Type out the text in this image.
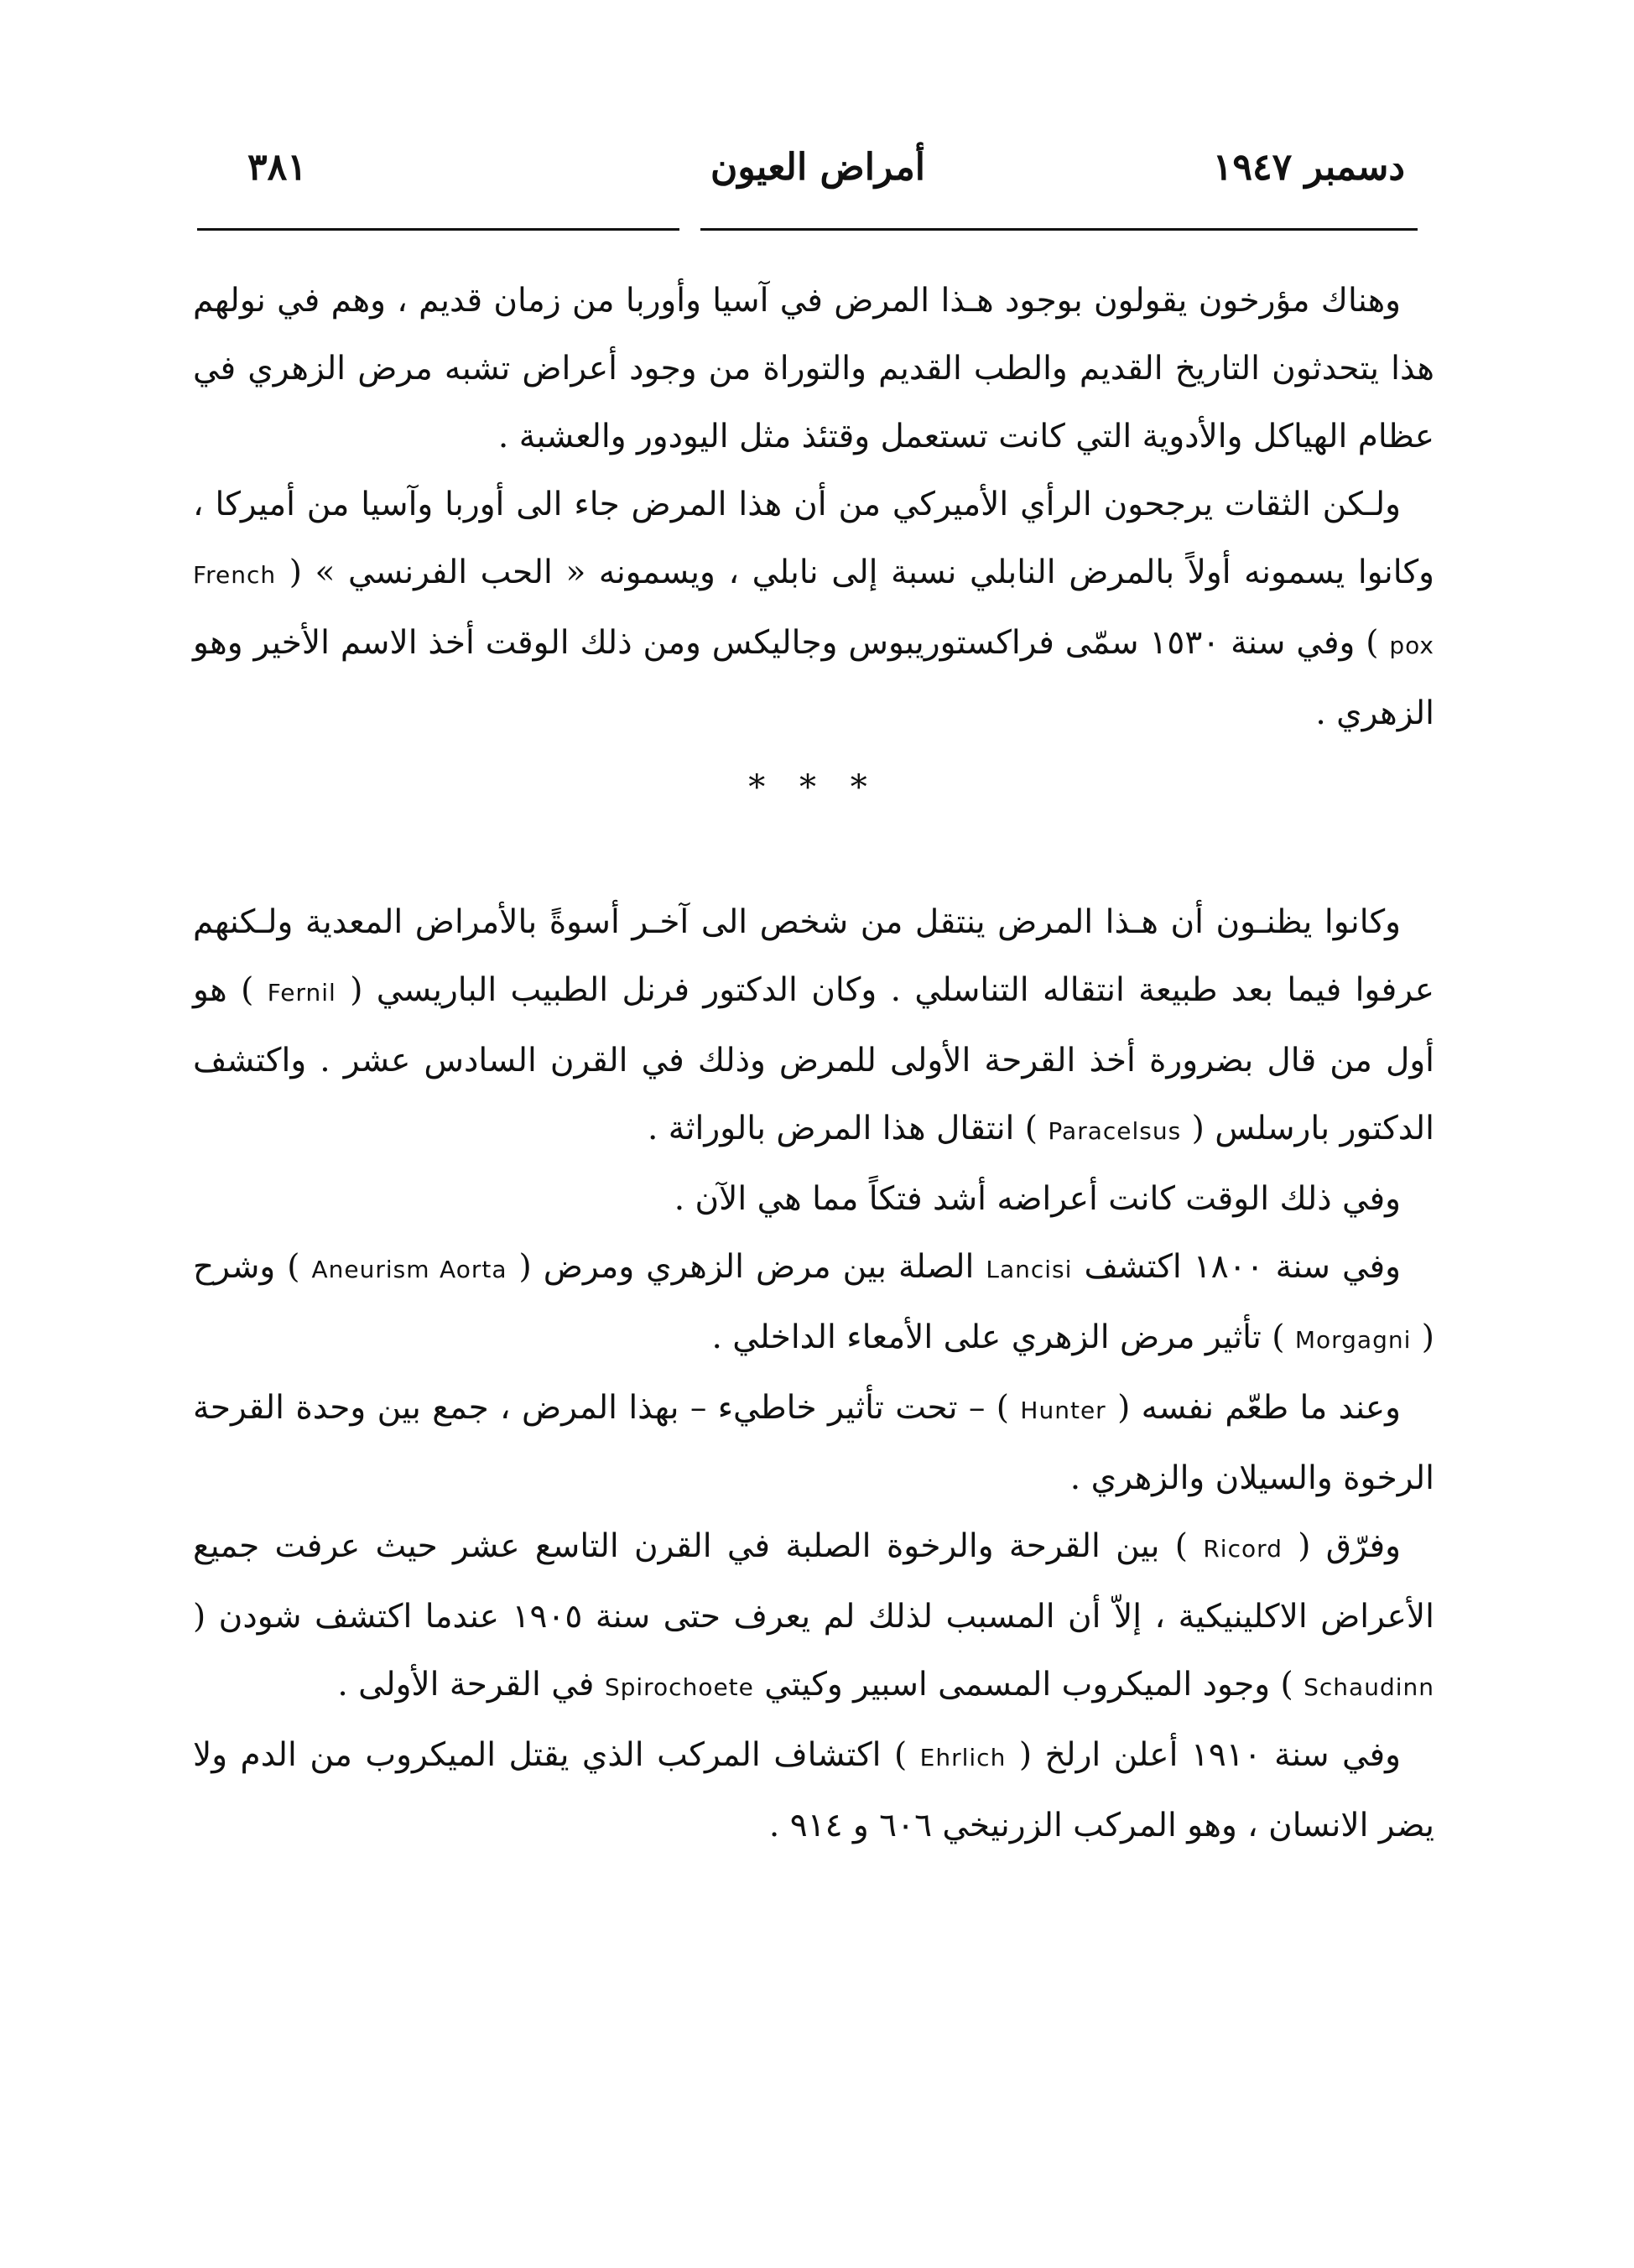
٣٨١	أمراض العيون	دسمبر ١٩٤٧

وهناك مؤرخون يقولون بوجود هـذا المرض في آسيا وأوربا من زمان قديم ، وهم في نولهم هذا يتحدثون التاريخ القديم والطب القديم والتوراة من وجود أعراض تشبه مرض الزهري في عظام الهياكل والأدوية التي كانت تستعمل وقتئذ مثل اليودور والعشبة .

ولـكن الثقات يرجحون الرأي الأميركي من أن هذا المرض جاء الى أوربا وآسيا من أميركا ، وكانوا يسمونه أولاً بالمرض النابلي نسبة إلى نابلي ، ويسمونه « الحب الفرنسي » ( French pox ) وفي سنة ١٥٣٠ سمّى فراكستوريبوس وجاليكس ومن ذلك الوقت أخذ الاسم الأخير وهو الزهري .

* * *

وكانوا يظنـون أن هـذا المرض ينتقل من شخص الى آخـر أسوةً بالأمراض المعدية ولـكنهم عرفوا فيما بعد طبيعة انتقاله التناسلي . وكان الدكتور فرنل الطبيب الباريسي ( Fernil ) هو أول من قال بضرورة أخذ القرحة الأولى للمرض وذلك في القرن السادس عشر . واكتشف الدكتور بارسلس ( Paracelsus ) انتقال هذا المرض بالوراثة .

وفي ذلك الوقت كانت أعراضه أشد فتكاً مما هي الآن .

وفي سنة ١٨٠٠ اكتشف Lancisi الصلة بين مرض الزهري ومرض ( Aneurism Aorta ) وشرح ( Morgagni ) تأثير مرض الزهري على الأمعاء الداخلي .

وعند ما طعّم نفسه ( Hunter ) – تحت تأثير خاطيء – بهذا المرض ، جمع بين وحدة القرحة الرخوة والسيلان والزهري .

وفرّق ( Ricord ) بين القرحة والرخوة الصلبة في القرن التاسع عشر حيث عرفت جميع الأعراض الاكلينيكية ، إلاّ أن المسبب لذلك لم يعرف حتى سنة ١٩٠٥ عندما اكتشف شودن ( Schaudinn ) وجود الميكروب المسمى اسبير وكيتي Spirochoete في القرحة الأولى .

وفي سنة ١٩١٠ أعلن ارلخ ( Ehrlich ) اكتشاف المركب الذي يقتل الميكروب من الدم ولا يضر الانسان ، وهو المركب الزرنيخي ٦٠٦ و ٩١٤ .
